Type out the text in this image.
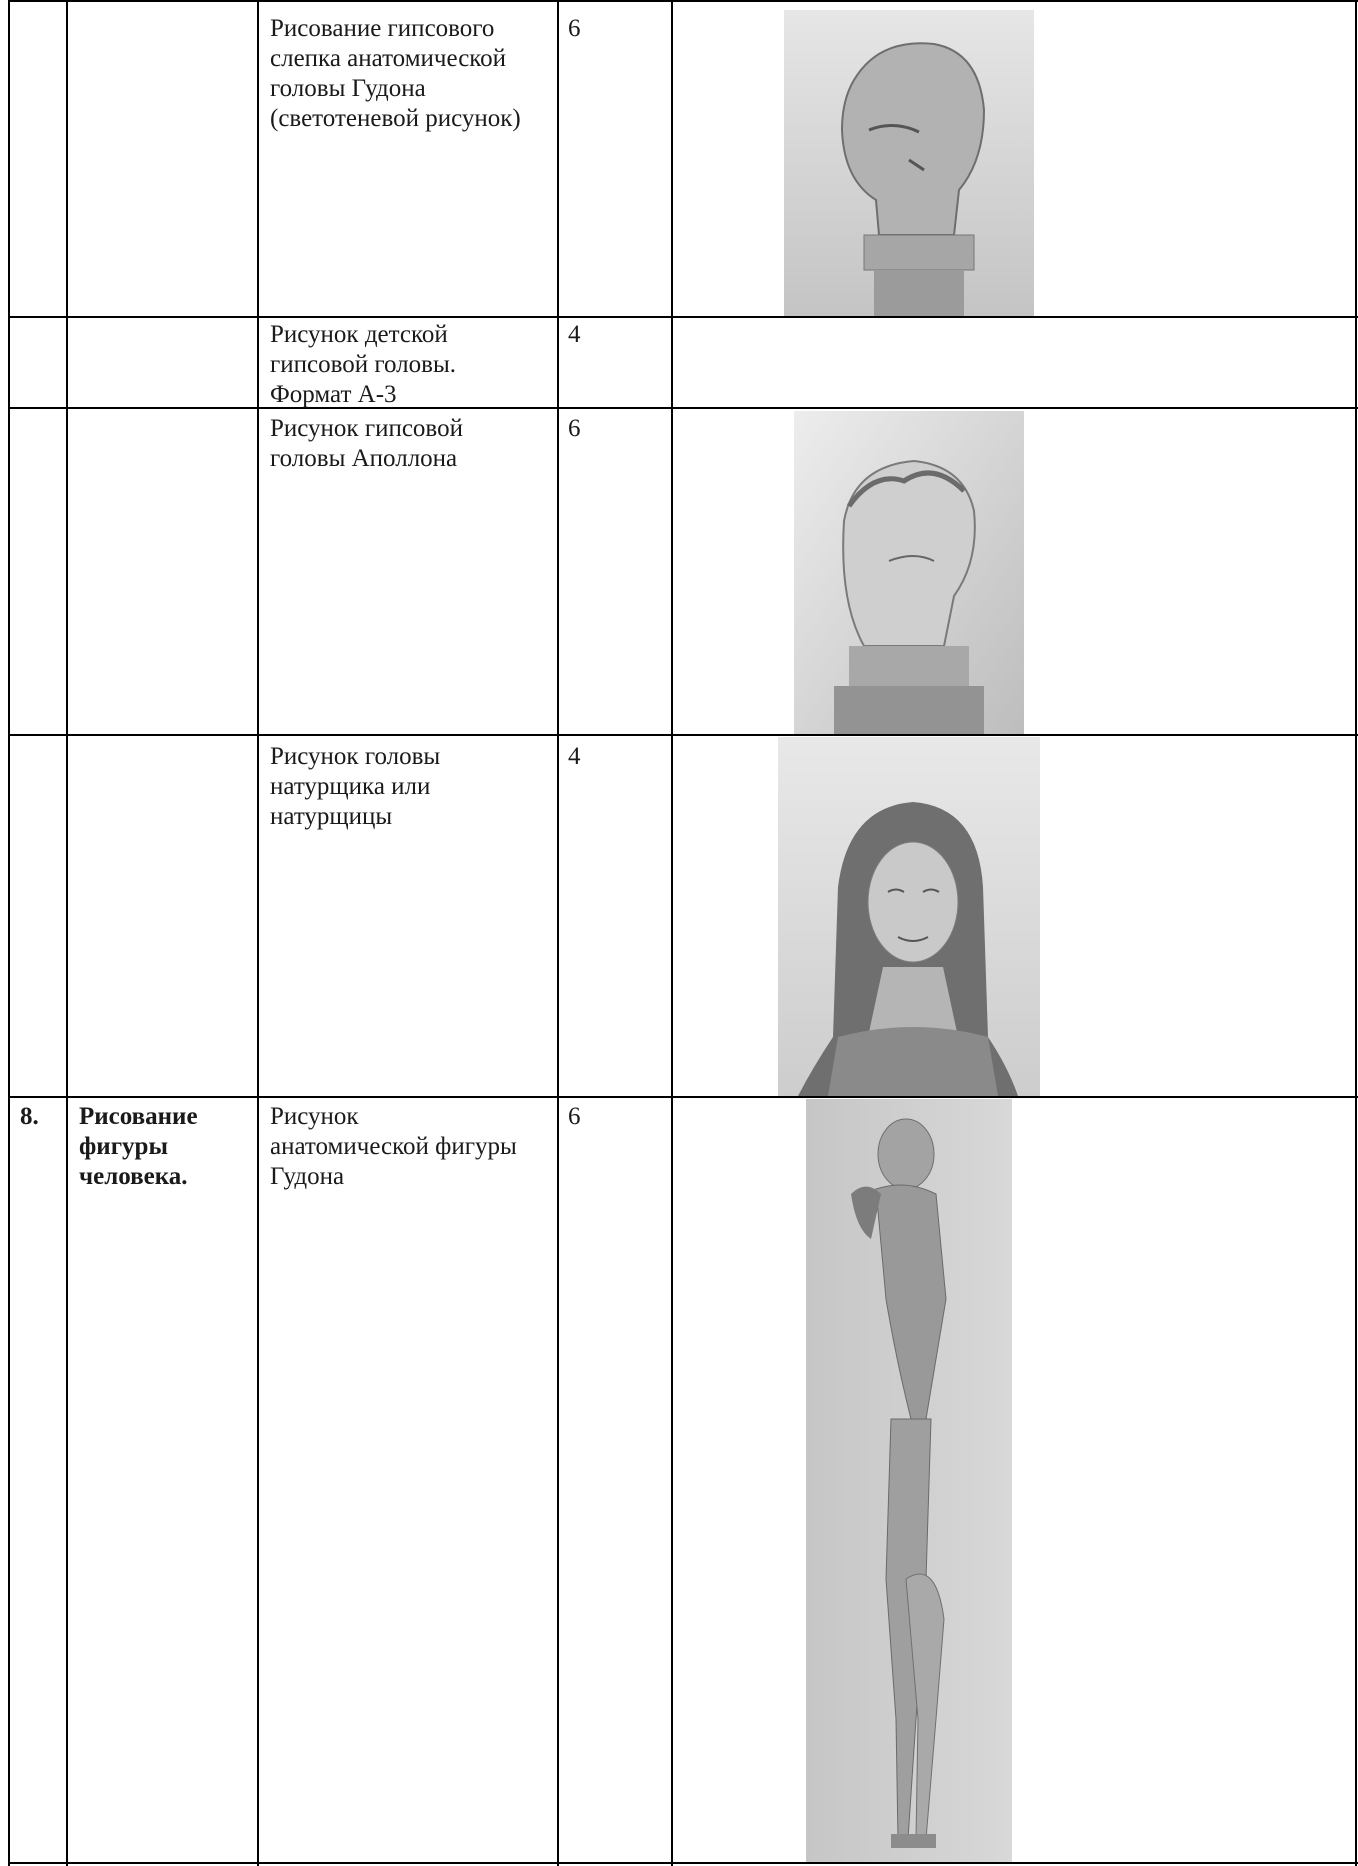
Рисование гипсового
слепка анатомической
головы Гудона
(светотеневой рисунок)
6
Рисунок детской
гипсовой головы.
Формат А-3
4
Рисунок гипсовой
головы Аполлона
6
Рисунок головы
натурщика или
натурщицы
4
8. Рисование
фигуры
человека.
Рисунок
анатомической фигуры
Гудона
6
